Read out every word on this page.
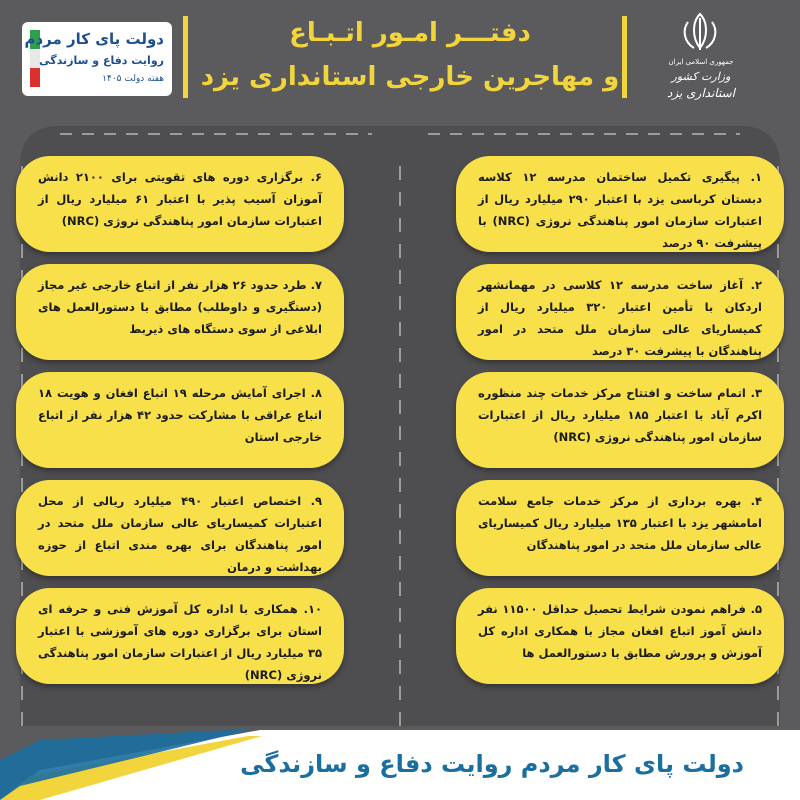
دولت پای کار مردم
روایت دفاع و سازندگی
هفته دولت ۱۴۰۵
دفتـــر امـور اتـبـاع
و مهاجرین خارجی استانداری یزد	جمهوری اسلامی ایران
وزارت کشور
استانداری یزد
۱. پیگیری تکمیل ساختمان مدرسه ۱۲ کلاسه دبستان کرباسی یزد با اعتبار ۲۹۰ میلیارد ریال از اعتبارات سازمان امور پناهندگی نروژی (NRC) با پیشرفت ۹۰ درصد
۲. آغاز ساخت مدرسه ۱۲ کلاسی در مهمانشهر اردکان با تأمین اعتبار ۳۲۰ میلیارد ریال از کمیساریای عالی سازمان ملل متحد در امور پناهندگان با پیشرفت ۳۰ درصد
۳. اتمام ساخت و افتتاح مرکز خدمات چند منظوره اکرم آباد با اعتبار ۱۸۵ میلیارد ریال از اعتبارات سازمان امور پناهندگی نروژی (NRC)
۴. بهره برداری از مرکز خدمات جامع سلامت امامشهر یزد با اعتبار ۱۳۵ میلیارد ریال کمیساریای عالی سازمان ملل متحد در امور پناهندگان
۵. فراهم نمودن شرایط تحصیل حداقل ۱۱۵۰۰ نفر دانش آموز اتباع افغان مجاز با همکاری اداره کل آموزش و پرورش مطابق با دستورالعمل ها
۶. برگزاری دوره های تقویتی برای ۲۱۰۰ دانش آموزان آسیب پذیر با اعتبار ۶۱ میلیارد ریال از اعتبارات سازمان امور پناهندگی نروژی (NRC)
۷. طرد حدود ۲۶ هزار نفر از اتباع خارجی غیر مجاز (دستگیری و داوطلب) مطابق با دستورالعمل های ابلاغی از سوی دستگاه های ذیربط
۸. اجرای آمایش مرحله ۱۹ اتباع افغان و هویت ۱۸ اتباع عراقی با مشارکت حدود ۴۲ هزار نفر از اتباع خارجی استان
۹. اختصاص اعتبار ۴۹۰ میلیارد ریالی از محل اعتبارات کمیساریای عالی سازمان ملل متحد در امور پناهندگان برای بهره مندی اتباع از حوزه بهداشت و درمان
۱۰. همکاری با اداره کل آموزش فنی و حرفه ای استان برای برگزاری دوره های آموزشی با اعتبار ۳۵ میلیارد ریال از اعتبارات سازمان امور پناهندگی نروژی (NRC)
دولت پای کار مردم روایت دفاع و سازندگی
